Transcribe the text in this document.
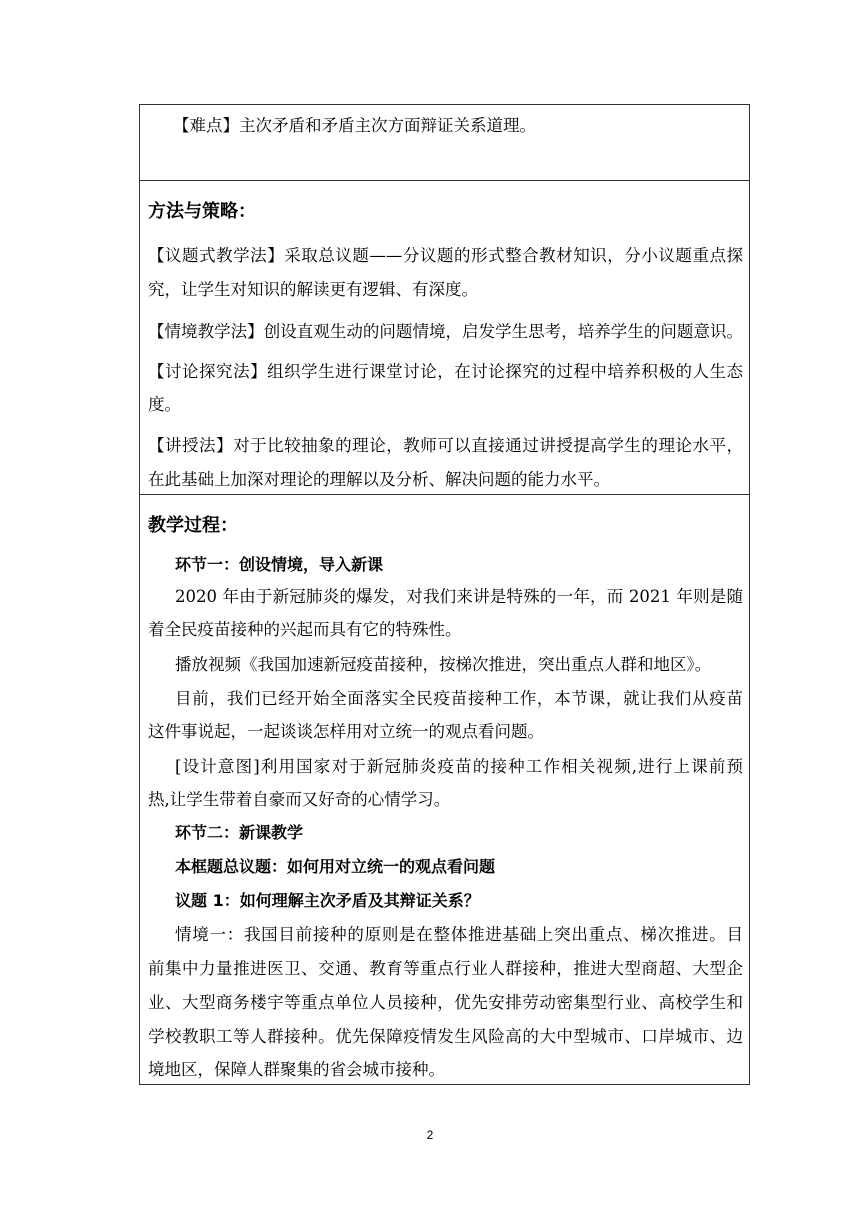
【难点】主次矛盾和矛盾主次方面辩证关系道理。
方法与策略：
【议题式教学法】采取总议题——分议题的形式整合教材知识，分小议题重点探
究，让学生对知识的解读更有逻辑、有深度。
【情境教学法】创设直观生动的问题情境，启发学生思考，培养学生的问题意识。
【讨论探究法】组织学生进行课堂讨论，在讨论探究的过程中培养积极的人生态
度。
【讲授法】对于比较抽象的理论，教师可以直接通过讲授提高学生的理论水平，
在此基础上加深对理论的理解以及分析、解决问题的能力水平。
教学过程：
环节一：创设情境，导入新课
2020 年由于新冠肺炎的爆发，对我们来讲是特殊的一年，而 2021 年则是随
着全民疫苗接种的兴起而具有它的特殊性。
播放视频《我国加速新冠疫苗接种，按梯次推进，突出重点人群和地区》。
目前，我们已经开始全面落实全民疫苗接种工作，本节课，就让我们从疫苗
这件事说起，一起谈谈怎样用对立统一的观点看问题。
[设计意图]利用国家对于新冠肺炎疫苗的接种工作相关视频,进行上课前预
热,让学生带着自豪而又好奇的心情学习。
环节二：新课教学
本框题总议题：如何用对立统一的观点看问题
议题 1：如何理解主次矛盾及其辩证关系？
情境一：我国目前接种的原则是在整体推进基础上突出重点、梯次推进。目
前集中力量推进医卫、交通、教育等重点行业人群接种，推进大型商超、大型企
业、大型商务楼宇等重点单位人员接种，优先安排劳动密集型行业、高校学生和
学校教职工等人群接种。优先保障疫情发生风险高的大中型城市、口岸城市、边
境地区，保障人群聚集的省会城市接种。
2
